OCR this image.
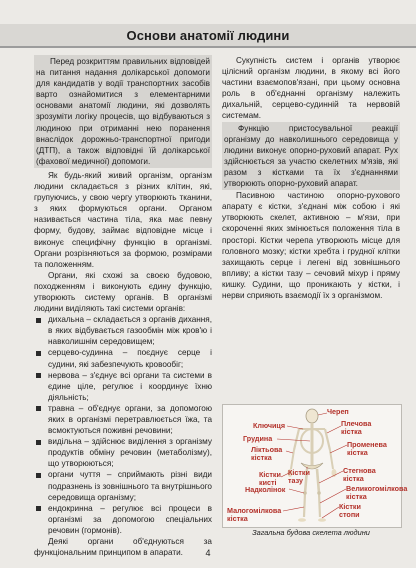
Основи анатомії людини

Перед розкриттям правильних відповідей на питання надання долікарської допомоги для кандидатів у водії транспортних засобів варто ознайомитися з елементарними основами анатомії людини, які дозволять зрозуміти логіку процесів, що відбуваються з людиною при отриманні нею поранення внаслідок дорожньо-транспортної пригоди (ДТП), а також відповідні їй долікарської (фахової медичної) допомоги.

Як будь-який живий організм, організм людини складається з різних клітин, які, групуючись, у свою чергу утворюють тканини, з яких формуються органи. Органом називається частина тіла, яка має певну форму, будову, займає відповідне місце і виконує специфічну функцію в організмі. Органи розрізняються за формою, розмірами та положенням.

Органи, які схожі за своєю будовою, походженням і виконують єдину функцію, утворюють систему органів. В організмі людини виділяють такі системи органів:

дихальна – складається з органів дихання, в яких відбувається газообмін між кров'ю і навколишнім середовищем;
серцево-судинна – поєднує серце і судини, які забезпечують кровообіг;
нервова – з'єднує всі органи та системи в єдине ціле, регулює і координує їхню діяльність;
травна – об'єднує органи, за допомогою яких в організмі перетравлюється їжа, та всмоктуються поживні речовини;
видільна – здійснює виділення з організму продуктів обміну речовин (метаболізму), що утворюються;
органи чуття – сприймають різні види подразнень із зовнішнього та внутрішнього середовища організму;
ендокринна – регулює всі процеси в організмі за допомогою спеціальних речовин (гормонів).

Деякі органи об'єднуються за функціональним принципом в апарати.

Сукупність систем і органів утворює цілісний організм людини, в якому всі його частини взаємопов'язані, при цьому основна роль в об'єднанні організму належить дихальній, серцево-судинній та нервовій системам.

Функцію пристосувальної реакції організму до навколишнього середовища у людини виконує опорно-руховий апарат. Рух здійснюється за участю скелетних м'язів, які разом з кістками та їх з'єднаннями утворюють опорно-руховий апарат.

Пасивною частиною опорно-рухового апарату є кістки, з'єднані між собою і які утворюють скелет, активною – м'язи, при скороченні яких змінюється положення тіла в просторі. Кістки черепа утворюють місце для головного мозку; кістки хребта і грудної клітки захищають серце і легені від зовнішнього впливу; а кістки тазу – сечовий міхур і пряму кишку. Судини, що проникають у кістки, і нерви сприяють взаємодії їх з організмом.

Череп
Ключиця	Плечова кістка
Грудина
Ліктьова кістка
Променева кістка
Кістки кисті
Кістки тазу
Стегнова кістка
Надколінок	Великогомілкова кістка
Малогомілкова кістка
Кістки стопи
Загальна будова скелета людини
4
